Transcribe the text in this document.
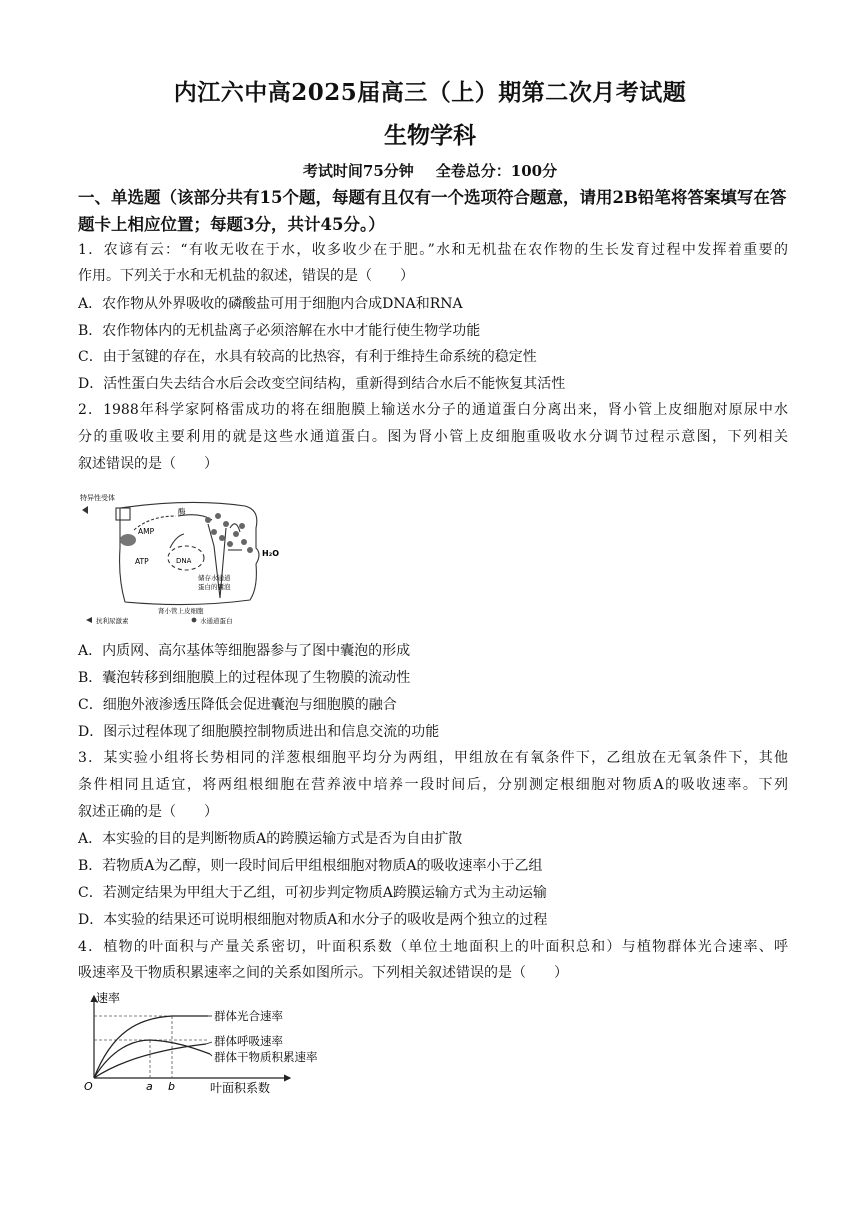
内江六中高2025届高三（上）期第二次月考试题
生物学科
考试时间75分钟 全卷总分：100分
一、单选题（该部分共有15个题，每题有且仅有一个选项符合题意，请用2B铅笔将答案填写在答题卡上相应位置；每题3分，共计45分。）
1．农谚有云：“有收无收在于水，收多收少在于肥。”水和无机盐在农作物的生长发育过程中发挥着重要的
作用。下列关于水和无机盐的叙述，错误的是（　　）
A．农作物从外界吸收的磷酸盐可用于细胞内合成DNA和RNA
B．农作物体内的无机盐离子必须溶解在水中才能行使生物学功能
C．由于氢键的存在，水具有较高的比热容，有利于维持生命系统的稳定性
D．活性蛋白失去结合水后会改变空间结构，重新得到结合水后不能恢复其活性
2．1988年科学家阿格雷成功的将在细胞膜上输送水分子的通道蛋白分离出来，肾小管上皮细胞对原尿中水
分的重吸收主要利用的就是这些水通道蛋白。图为肾小管上皮细胞重吸收水分调节过程示意图，下列相关
叙述错误的是（　　）
特异性受体
AMP
ATP
酶
DNA
H₂O
储存水通道
蛋白的囊泡
肾小管上皮细胞
抗利尿激素	水通道蛋白
A．内质网、高尔基体等细胞器参与了图中囊泡的形成
B．囊泡转移到细胞膜上的过程体现了生物膜的流动性
C．细胞外液渗透压降低会促进囊泡与细胞膜的融合
D．图示过程体现了细胞膜控制物质进出和信息交流的功能
3．某实验小组将长势相同的洋葱根细胞平均分为两组，甲组放在有氧条件下，乙组放在无氧条件下，其他
条件相同且适宜，将两组根细胞在营养液中培养一段时间后，分别测定根细胞对物质A的吸收速率。下列
叙述正确的是（　　）
A．本实验的目的是判断物质A的跨膜运输方式是否为自由扩散
B．若物质A为乙醇，则一段时间后甲组根细胞对物质A的吸收速率小于乙组
C．若测定结果为甲组大于乙组，可初步判定物质A跨膜运输方式为主动运输
D．本实验的结果还可说明根细胞对物质A和水分子的吸收是两个独立的过程
4．植物的叶面积与产量关系密切，叶面积系数（单位土地面积上的叶面积总和）与植物群体光合速率、呼
吸速率及干物质积累速率之间的关系如图所示。下列相关叙述错误的是（　　）
速率
叶面积系数
O	a b
群体光合速率
群体呼吸速率
群体干物质积累速率
